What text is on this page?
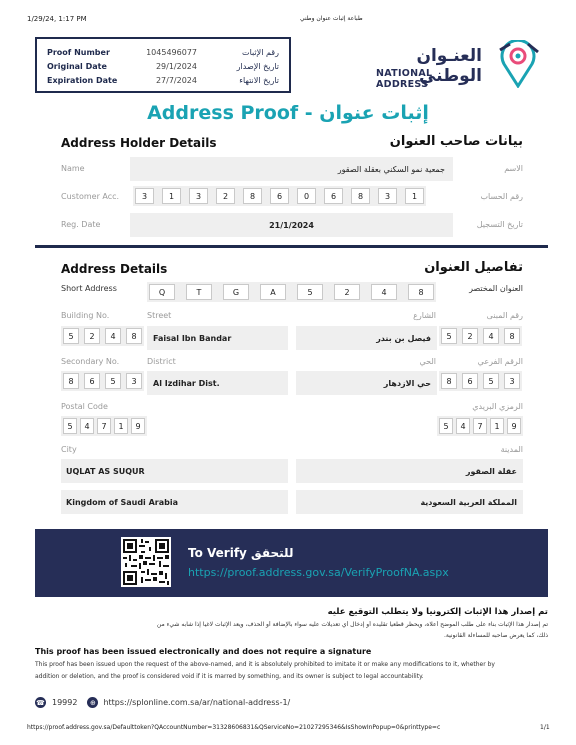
1/29/24, 1:17 PM	طباعة إثبات عنوان وطني
Proof Number	1045496077	رقم الإثبات
Original Date	29/1/2024	تاريخ الإصدار
Expiration Date	27/7/2024	تاريخ الانتهاء
العنـوان الوطني
NATIONAL ADDRESS
Address Proof - إثبات عنوان
Address Holder Details	بيانات صاحب العنوان
Name	جمعية نمو السكني بعقلة الصقور	الاسم
Customer Acc.	3	1	3	2	8	6	0	6	8	3	1	رقم الحساب
Reg. Date	21/1/2024	تاريخ التسجيل
Address Details	تفاصيل العنوان
Short Address	Q	T	G	A	5	2	4	8	العنوان المختصر
Building No.	Street	الشارع	رقم المبنى
5	2	4	8	Faisal Ibn Bandar	فيصل بن بندر	5	2	4	8
Secondary No.	District	الحي	الرقم الفرعي
8	6	5	3	Al Izdihar Dist.	حي الازدهار	8	6	5	3
Postal Code	الرمزي البريدي
5	4	7	1	9	5	4	7	1	9
City	المدينة
UQLAT AS SUQUR	عقلة الصقور
Kingdom of Saudi Arabia	المملكة العربية السعودية
To Verify للتحقق
https://proof.address.gov.sa/VerifyProofNA.aspx
تم إصدار هذا الإثبات إلكترونيا ولا يتطلب التوقيع عليه
تم إصدار هذا الإثبات بناء على طلب الموضح أعلاه، ويحظر قطعيا تقليده أو إدخال أي تعديلات عليه سواء بالإضافة أو الحذف، ويعد الإثبات لاغيا إذا شابه شيء من
ذلك، كما يعرض صاحبه للمساءلة القانونية.
This proof has been issued electronically and does not require a signature
This proof has been issued upon the request of the above-named, and it is absolutely prohibited to imitate it or make any modifications to it, whether by
addition or deletion, and the proof is considered void if it is marred by something, and its owner is subject to legal accountability.
☎ 19992	⊕ https://splonline.com.sa/ar/national-address-1/
https://proof.address.gov.sa/Defaulttoken?QAccountNumber=31328606831&QServiceNo=21027295346&IsShowInPopup=0&printtype=c	1/1
